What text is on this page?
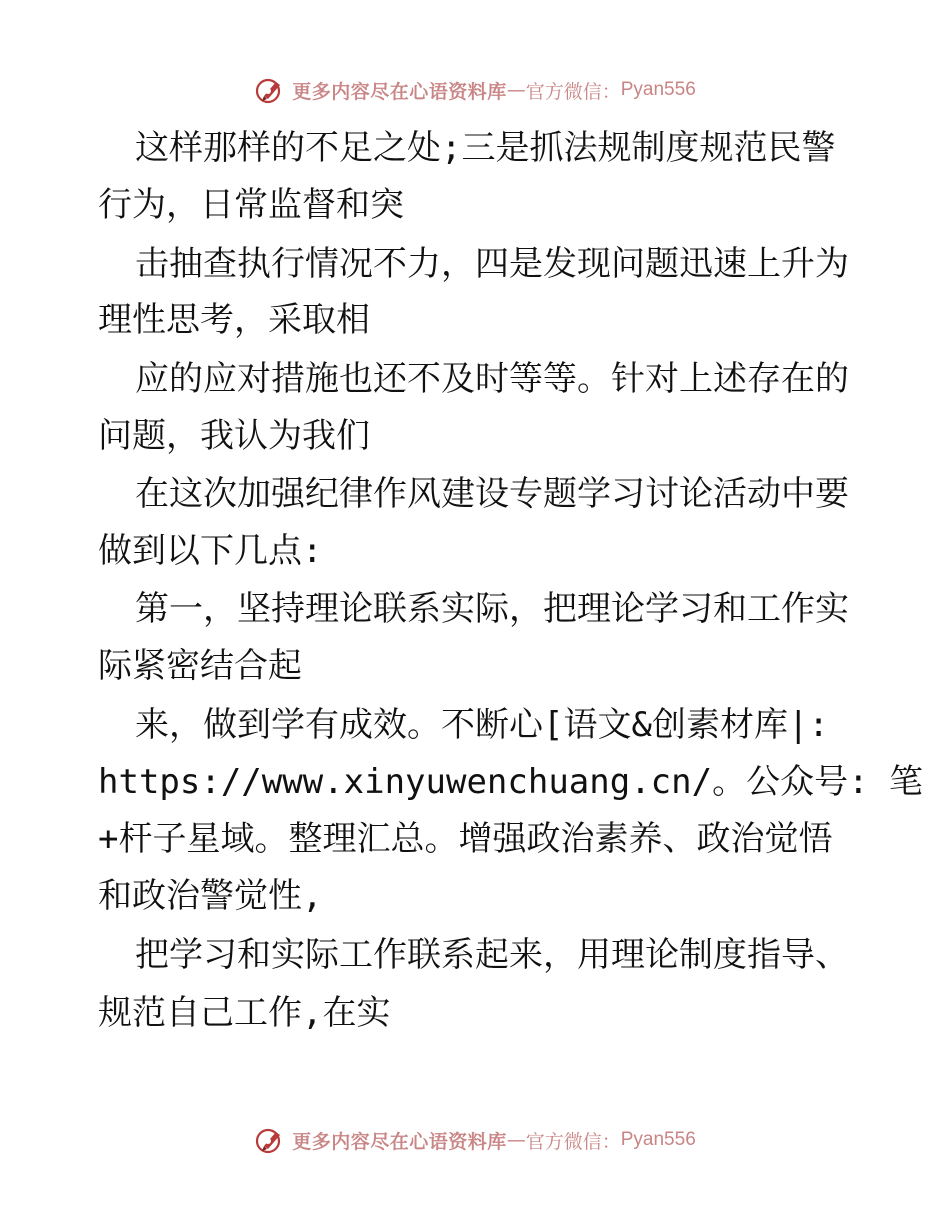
更多内容尽在心语资料库 — 官方微信： Pyan556
这样那样的不足之处;三是抓法规制度规范民警
行为，日常监督和突
击抽查执行情况不力，四是发现问题迅速上升为
理性思考，采取相
应的应对措施也还不及时等等。针对上述存在的
问题，我认为我们
在这次加强纪律作风建设专题学习讨论活动中要
做到以下几点:
第一，坚持理论联系实际，把理论学习和工作实
际紧密结合起
来，做到学有成效。不断心[语文&创素材库|:
https://www.xinyuwenchuang.cn/。公众号: 笔
+杆子星域。整理汇总。增强政治素养、政治觉悟
和政治警觉性,
把学习和实际工作联系起来，用理论制度指导、
规范自己工作,在实
更多内容尽在心语资料库 — 官方微信： Pyan556
